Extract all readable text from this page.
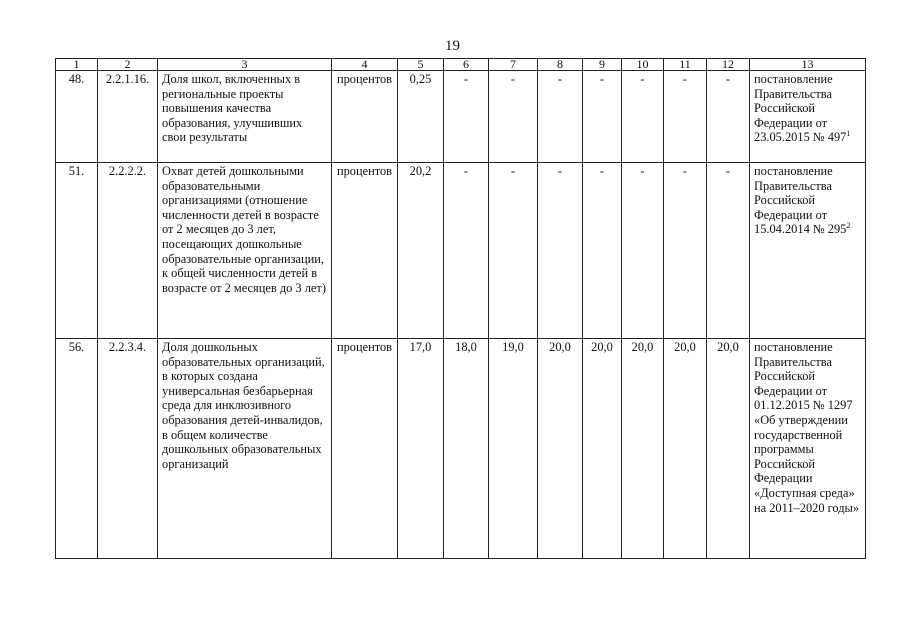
19
1	2	3	4	5	6	7	8	9	10	11	12	13
48.	2.2.1.16.	Доля школ, включенных в региональные проекты повышения качества образования, улучшивших свои результаты	процентов	0,25	-	-	-	-	-	-	-	постановление Правительства Российской Федерации от 23.05.2015 № $497^1$
51.	2.2.2.2.	Охват детей дошкольными образовательными организациями (отношение численности детей в возрасте от 2 месяцев до 3 лет, посещающих дошкольные образовательные организации, к общей численности детей в возрасте от 2 месяцев до 3 лет)	процентов	20,2	-	-	-	-	-	-	-	постановление Правительства Российской Федерации от 15.04.2014 № $295^2$
56.	2.2.3.4.	Доля дошкольных образовательных организаций, в которых создана универсальная безбарьерная среда для инклюзивного образования детей-инвалидов, в общем количестве дошкольных образовательных организаций	процентов	17,0	18,0	19,0	20,0	20,0	20,0	20,0	20,0	постановление Правительства Российской Федерации от 01.12.2015 № 1297 «Об утверждении государственной программы Российской Федерации «Доступная среда» на 2011–2020 годы»
